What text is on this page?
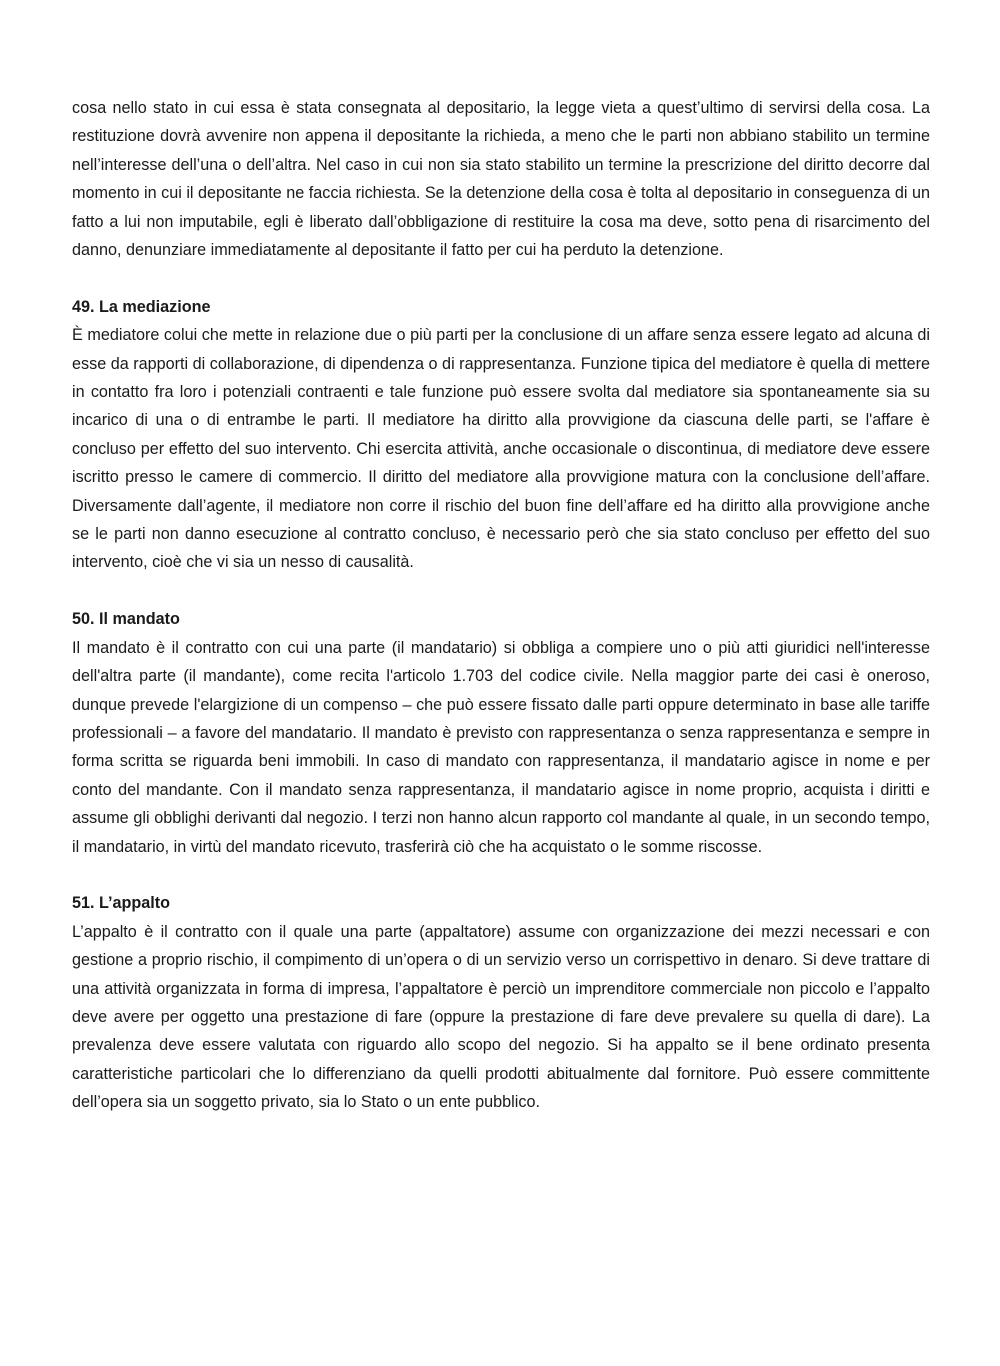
cosa nello stato in cui essa è stata consegnata al depositario, la legge vieta a quest’ultimo di servirsi della cosa. La restituzione dovrà avvenire non appena il depositante la richieda, a meno che le parti non abbiano stabilito un termine nell’interesse dell’una o dell’altra. Nel caso in cui non sia stato stabilito un termine la prescrizione del diritto decorre dal momento in cui il depositante ne faccia richiesta. Se la detenzione della cosa è tolta al depositario in conseguenza di un fatto a lui non imputabile, egli è liberato dall’obbligazione di restituire la cosa ma deve, sotto pena di risarcimento del danno, denunziare immediatamente al depositante il fatto per cui ha perduto la detenzione.

49. La mediazione

È mediatore colui che mette in relazione due o più parti per la conclusione di un affare senza essere legato ad alcuna di esse da rapporti di collaborazione, di dipendenza o di rappresentanza. Funzione tipica del mediatore è quella di mettere in contatto fra loro i potenziali contraenti e tale funzione può essere svolta dal mediatore sia spontaneamente sia su incarico di una o di entrambe le parti. Il mediatore ha diritto alla provvigione da ciascuna delle parti, se l'affare è concluso per effetto del suo intervento. Chi esercita attività, anche occasionale o discontinua, di mediatore deve essere iscritto presso le camere di commercio. Il diritto del mediatore alla provvigione matura con la conclusione dell’affare. Diversamente dall’agente, il mediatore non corre il rischio del buon fine dell’affare ed ha diritto alla provvigione anche se le parti non danno esecuzione al contratto concluso, è necessario però che sia stato concluso per effetto del suo intervento, cioè che vi sia un nesso di causalità.

50. Il mandato

Il mandato è il contratto con cui una parte (il mandatario) si obbliga a compiere uno o più atti giuridici nell'interesse dell'altra parte (il mandante), come recita l'articolo 1.703 del codice civile. Nella maggior parte dei casi è oneroso, dunque prevede l'elargizione di un compenso – che può essere fissato dalle parti oppure determinato in base alle tariffe professionali – a favore del mandatario. Il mandato è previsto con rappresentanza o senza rappresentanza e sempre in forma scritta se riguarda beni immobili. In caso di mandato con rappresentanza, il mandatario agisce in nome e per conto del mandante. Con il mandato senza rappresentanza, il mandatario agisce in nome proprio, acquista i diritti e assume gli obblighi derivanti dal negozio. I terzi non hanno alcun rapporto col mandante al quale, in un secondo tempo, il mandatario, in virtù del mandato ricevuto, trasferirà ciò che ha acquistato o le somme riscosse.

51. L’appalto

L’appalto è il contratto con il quale una parte (appaltatore) assume con organizzazione dei mezzi necessari e con gestione a proprio rischio, il compimento di un’opera o di un servizio verso un corrispettivo in denaro. Si deve trattare di una attività organizzata in forma di impresa, l’appaltatore è perciò un imprenditore commerciale non piccolo e l’appalto deve avere per oggetto una prestazione di fare (oppure la prestazione di fare deve prevalere su quella di dare). La prevalenza deve essere valutata con riguardo allo scopo del negozio. Si ha appalto se il bene ordinato presenta caratteristiche particolari che lo differenziano da quelli prodotti abitualmente dal fornitore. Può essere committente dell’opera sia un soggetto privato, sia lo Stato o un ente pubblico.
